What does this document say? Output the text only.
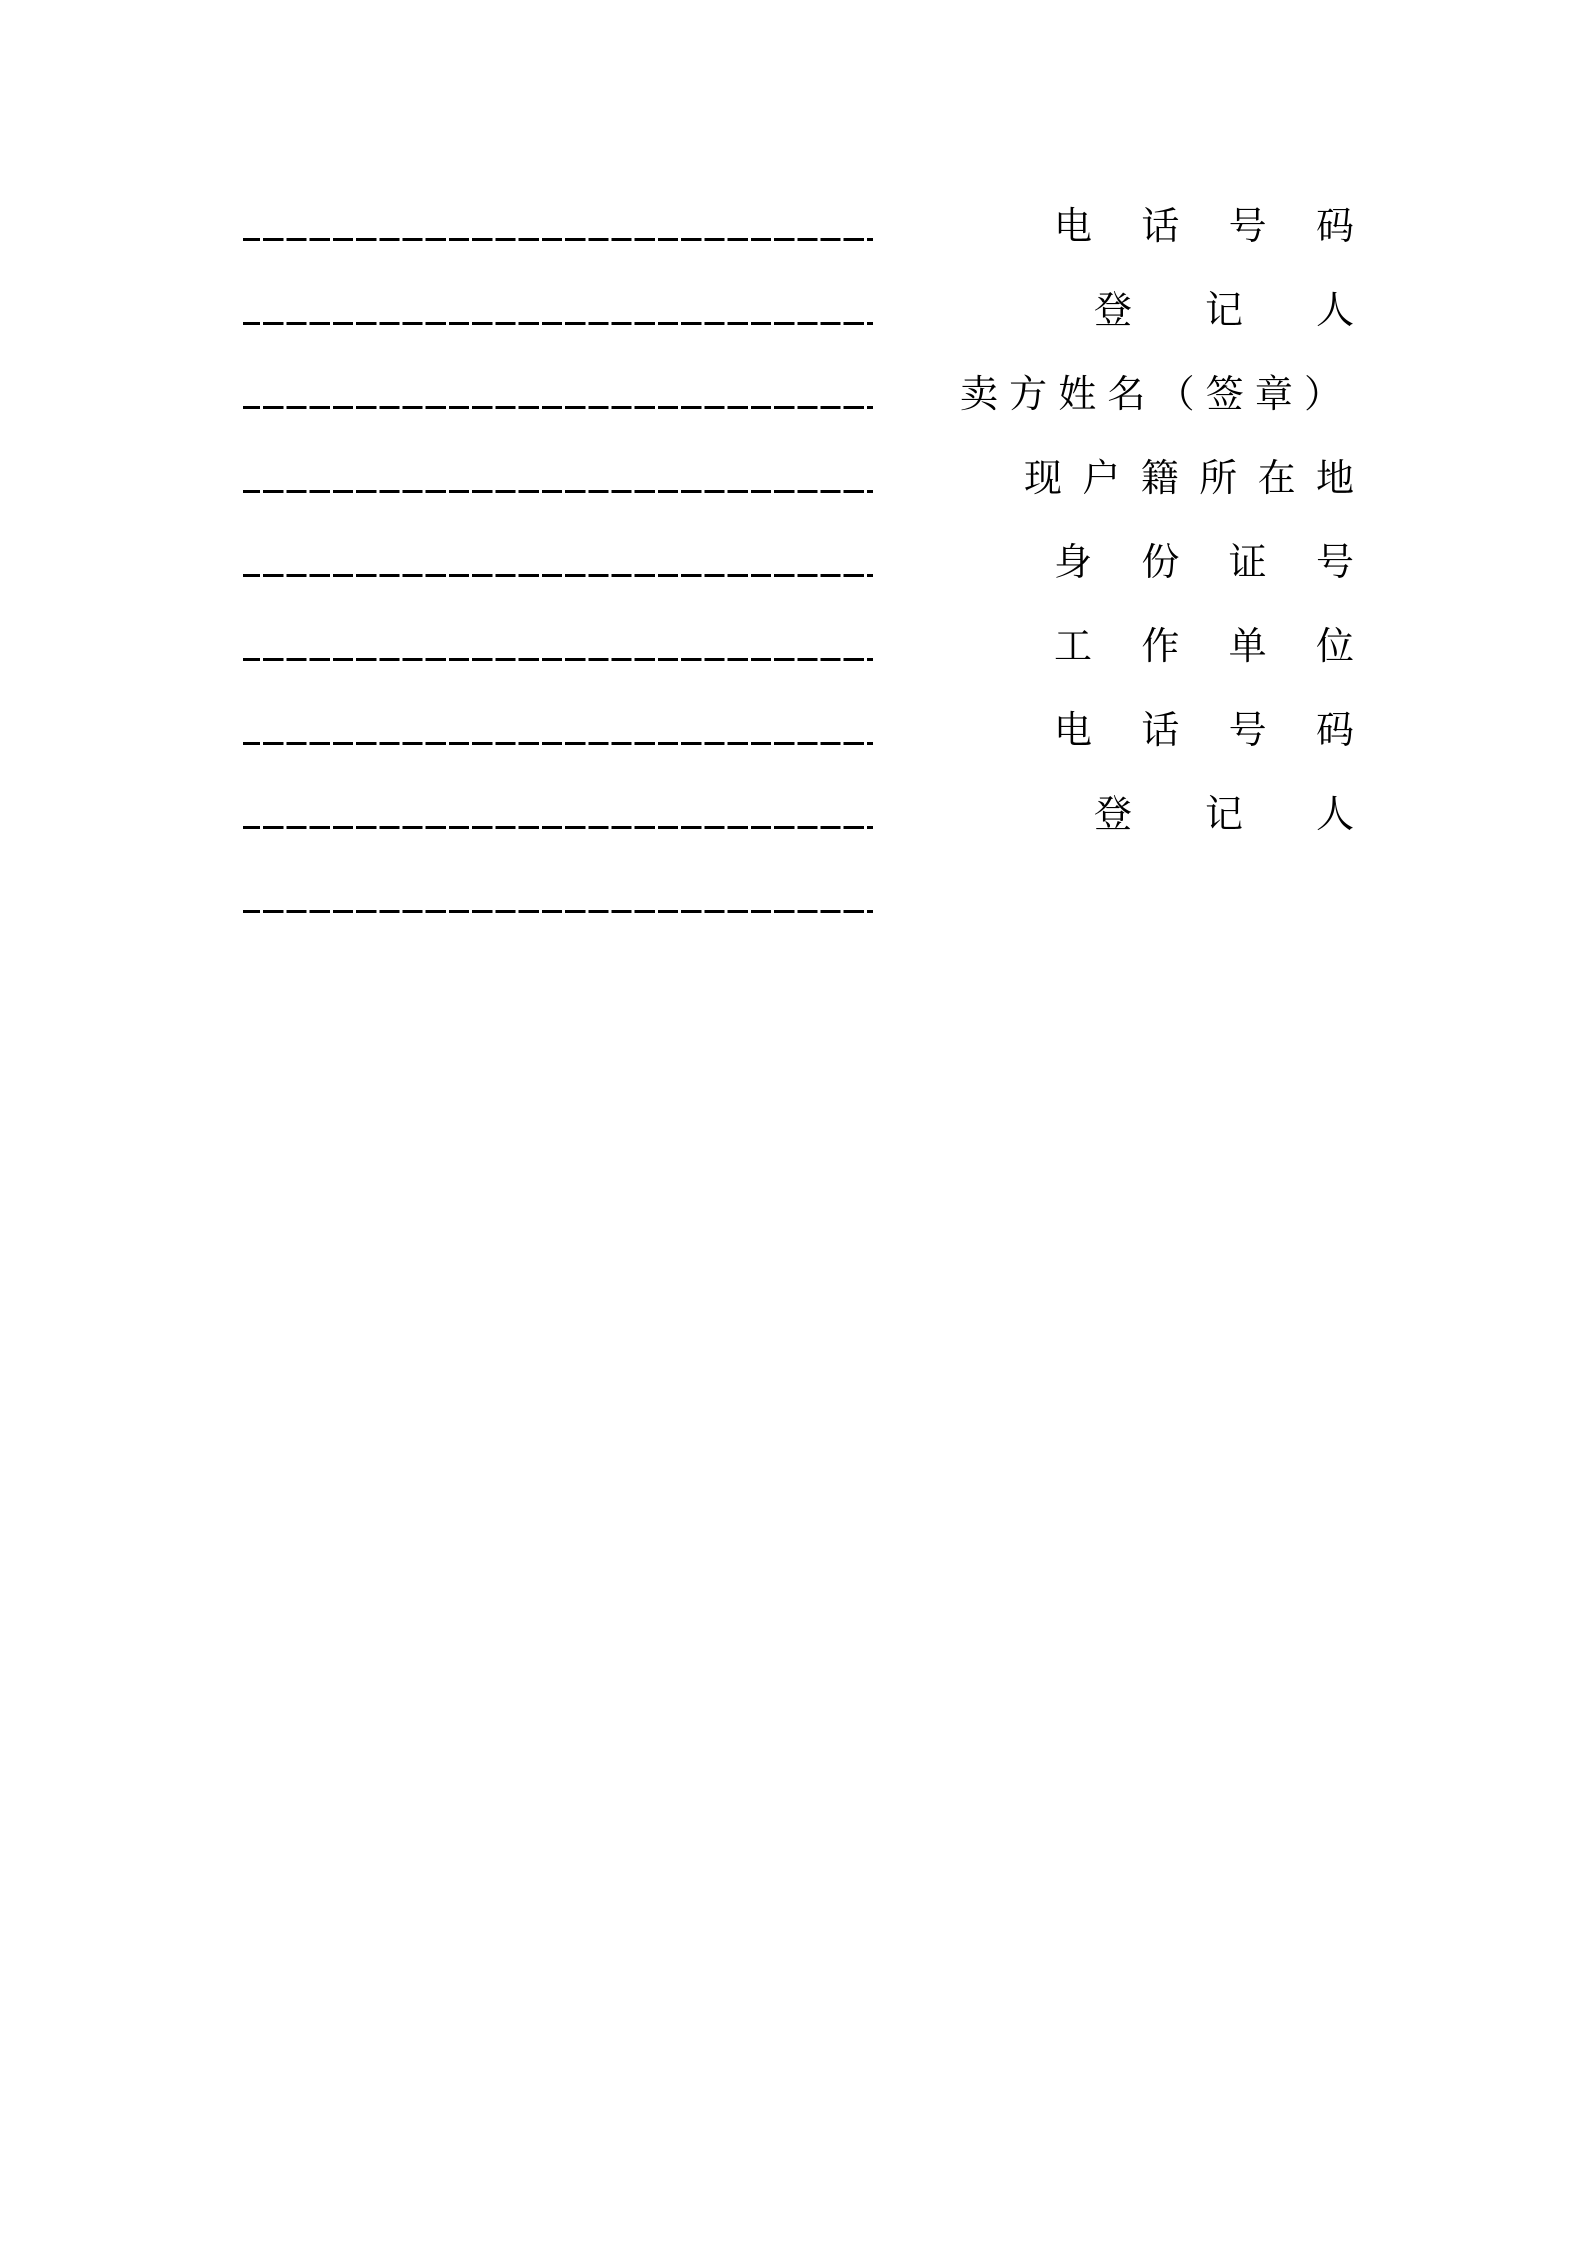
电 话 号 码
登 记 人
卖 方 姓 名 （ 签 章 ）
现 户 籍 所 在 地
身 份 证 号
工 作 单 位
电 话 号 码
登 记 人
